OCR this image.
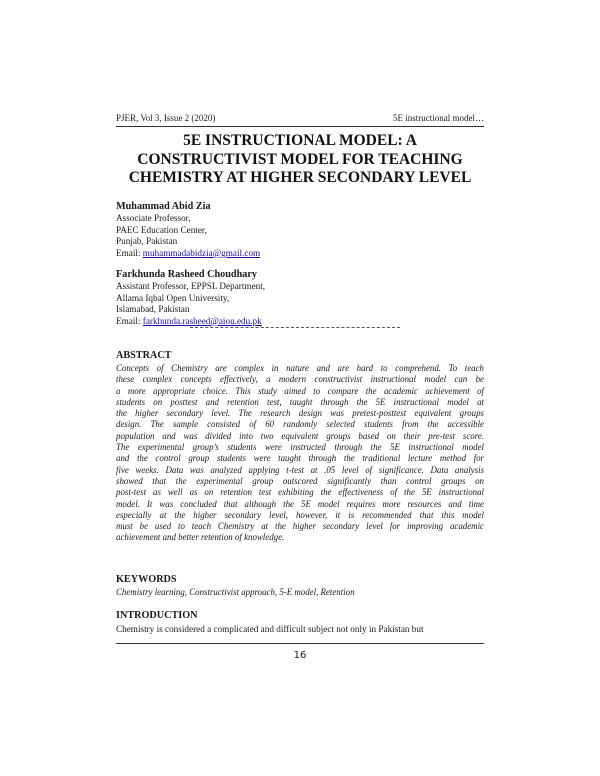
PJER, Vol 3, Issue 2 (2020)	5E instructional model…
5E INSTRUCTIONAL MODEL: A
CONSTRUCTIVIST MODEL FOR TEACHING
CHEMISTRY AT HIGHER SECONDARY LEVEL
Muhammad Abid Zia
Associate Professor,
PAEC Education Center,
Punjab, Pakistan
Email: muhammadabidzia@gmail.com
Farkhunda Rasheed Choudhary
Assistant Professor, EPPSL Department,
Allama Iqbal Open University,
Islamabad, Pakistan
Email: farkhunda.rasheed@aiou.edu.pk
ABSTRACT
Concepts of Chemistry are complex in nature and are hard to comprehend. To teach
these complex concepts effectively, a modern constructivist instructional model can be
a more appropriate choice. This study aimed to compare the academic achievement of
students on posttest and retention test, taught through the 5E instructional model at
the higher secondary level. The research design was pretest-posttest equivalent groups
design. The sample consisted of 60 randomly selected students from the accessible
population and was divided into two equivalent groups based on their pre-test score.
The experimental group’s students were instructed through the 5E instructional model
and the control group students were taught through the traditional lecture method for
five weeks. Data was analyzed applying t-test at .05 level of significance. Data analysis
showed that the experimental group outscored significantly than control groups on
post-test as well as on retention test exhibiting the effectiveness of the 5E instructional
model. It was concluded that although the 5E model requires more resources and time
especially at the higher secondary level, however, it is recommended that this model
must be used to teach Chemistry at the higher secondary level for improving academic
achievement and better retention of knowledge.
KEYWORDS
Chemistry learning, Constructivist approach, 5-E model, Retention
INTRODUCTION
Chemistry is considered a complicated and difficult subject not only in Pakistan but
16
